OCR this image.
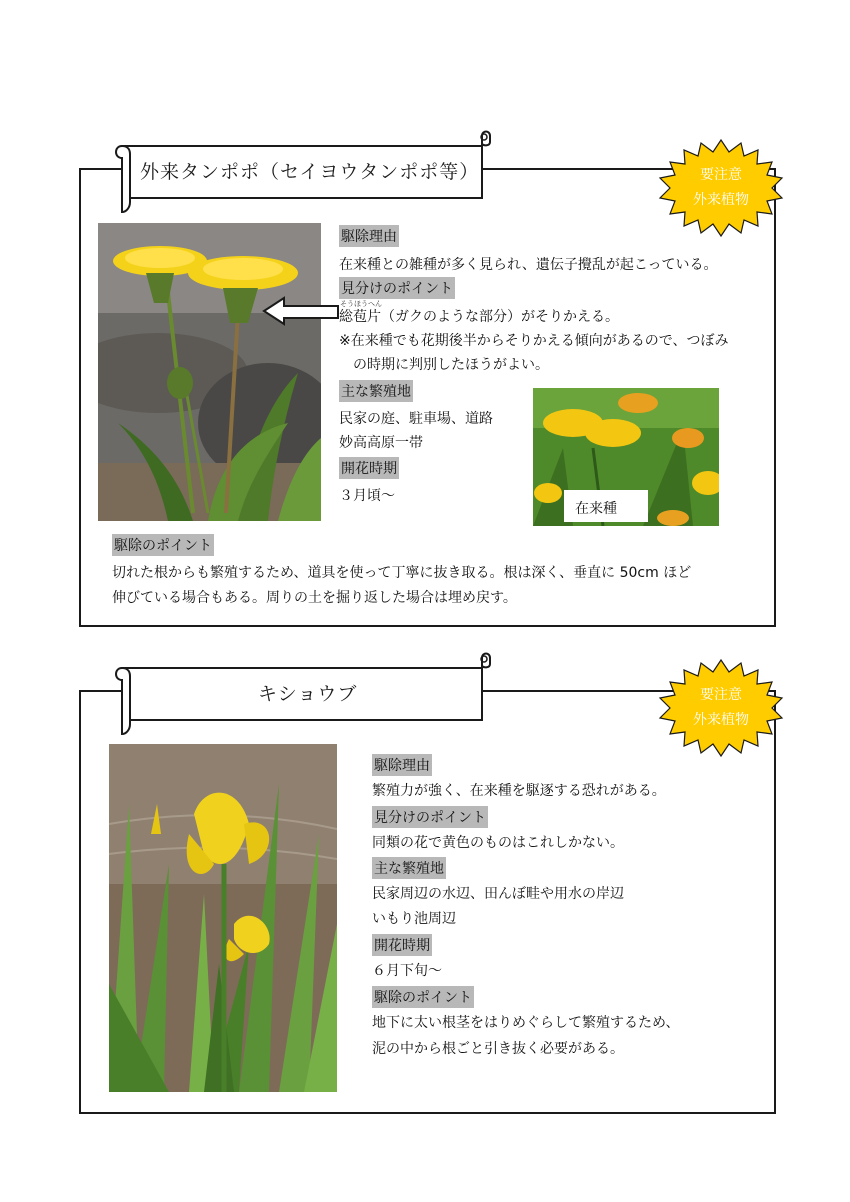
外来タンポポ（セイヨウタンポポ等）	要注意
外来植物
駆除理由
在来種との雑種が多く見られ、遺伝子攪乱が起こっている。
見分けのポイント
そうほうへん
総苞片（ガクのような部分）がそりかえる。
※在来種でも花期後半からそりかえる傾向があるので、つぼみ
の時期に判別したほうがよい。
主な繁殖地
民家の庭、駐車場、道路
妙高高原一帯
開花時期
３月頃～
在来種
駆除のポイント
切れた根からも繁殖するため、道具を使って丁寧に抜き取る。根は深く、垂直に 50cm ほど
伸びている場合もある。周りの土を掘り返した場合は埋め戻す。
キショウブ	要注意
外来植物
駆除理由
繁殖力が強く、在来種を駆逐する恐れがある。
見分けのポイント
同類の花で黄色のものはこれしかない。
主な繁殖地
民家周辺の水辺、田んぼ畦や用水の岸辺
いもり池周辺
開花時期
６月下旬～
駆除のポイント
地下に太い根茎をはりめぐらして繁殖するため、
泥の中から根ごと引き抜く必要がある。
